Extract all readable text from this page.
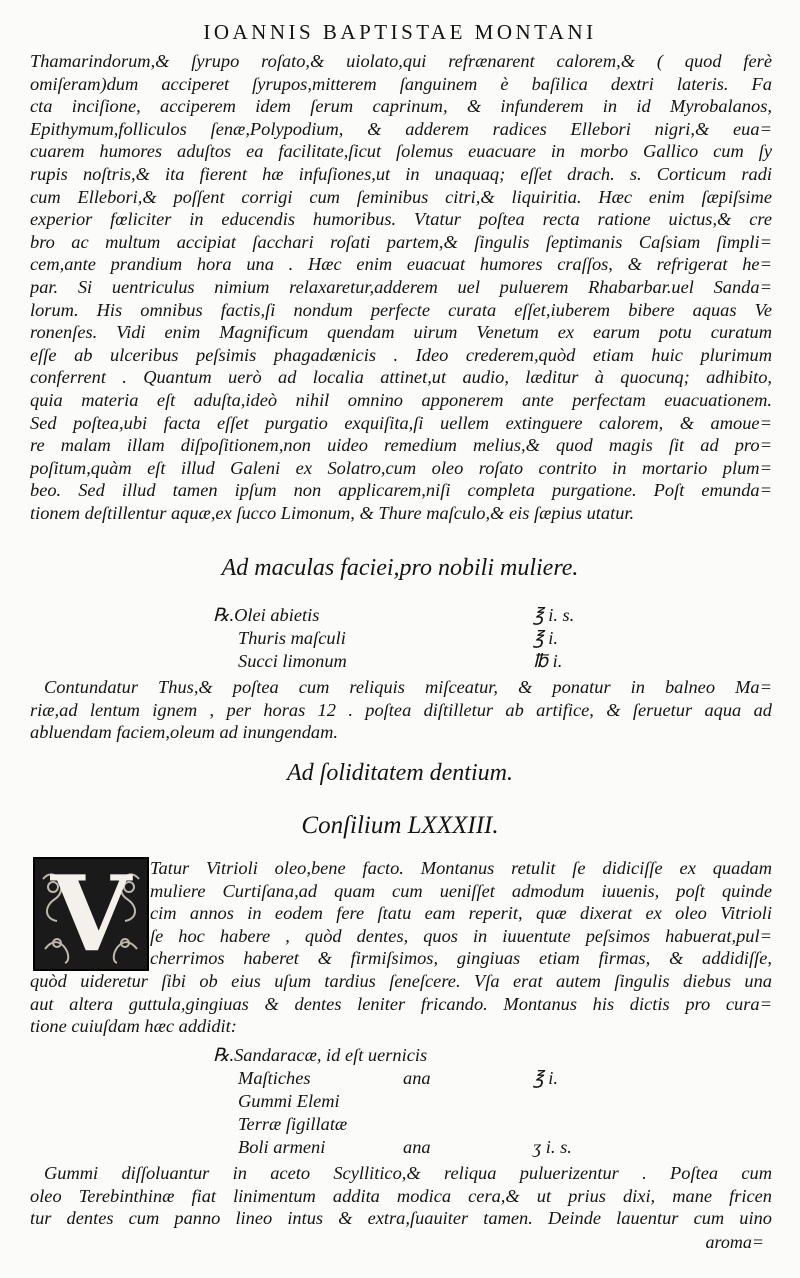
IOANNIS BAPTISTAE MONTANI
Thamarindorum,& ſyrupo roſato,& uiolato,qui refrænarent calorem,& ( quod ferè
omiſeram)dum acciperet ſyrupos,mitterem ſanguinem è baſilica dextri lateris. Fa
cta inciſione, acciperem idem ſerum caprinum, & infunderem in id Myrobalanos,
Epithymum,folliculos ſenæ,Polypodium, & adderem radices Ellebori nigri,& eua=
cuarem humores aduſtos ea facilitate,ſicut ſolemus euacuare in morbo Gallico cum ſy
rupis noſtris,& ita fierent hæ infuſiones,ut in unaquaq; eſſet drach. s. Corticum radi
cum Ellebori,& poſſent corrigi cum ſeminibus citri,& liquiritia. Hæc enim ſæpiſsime
experior fœliciter in educendis humoribus. Vtatur poſtea recta ratione uictus,& cre
bro ac multum accipiat ſacchari roſati partem,& ſingulis ſeptimanis Caſsiam ſimpli=
cem,ante prandium hora una . Hæc enim euacuat humores craſſos, & refrigerat he=
par. Si uentriculus nimium relaxaretur,adderem uel puluerem Rhabarbar.uel Sanda=
lorum. His omnibus factis,ſi nondum perfecte curata eſſet,iuberem bibere aquas Ve
ronenſes. Vidi enim Magnificum quendam uirum Venetum ex earum potu curatum
eſſe ab ulceribus peſsimis phagadænicis . Ideo crederem,quòd etiam huic plurimum
conferrent . Quantum uerò ad localia attinet,ut audio, læditur à quocunq; adhibito,
quia materia eſt aduſta,ideò nihil omnino apponerem ante perfectam euacuationem.
Sed poſtea,ubi facta eſſet purgatio exquiſita,ſi uellem extinguere calorem, & amoue=
re malam illam diſpoſitionem,non uideo remedium melius,& quod magis ſit ad pro=
poſitum,quàm eſt illud Galeni ex Solatro,cum oleo roſato contrito in mortario plum=
beo. Sed illud tamen ipſum non applicarem,niſi completa purgatione. Poſt emunda=
tionem deſtillentur aquæ,ex ſucco Limonum, & Thure maſculo,& eis ſæpius utatur.
Ad maculas faciei,pro nobili muliere.
℞.Olei abietis	℥ i. s.
Thuris maſculi	℥ i.
Succi limonum	℔ i.
Contundatur Thus,& poſtea cum reliquis miſceatur, & ponatur in balneo Ma=
riæ,ad lentum ignem , per horas 12 . poſtea diſtilletur ab artifice, & ſeruetur aqua ad
abluendam faciem,oleum ad inungendam.
Ad ſoliditatem dentium.
Conſilium LXXXIII.
V	Tatur Vitrioli oleo,bene facto. Montanus retulit ſe didiciſſe ex quadam
muliere Curtiſana,ad quam cum ueniſſet admodum iuuenis, poſt quinde
cim annos in eodem fere ſtatu eam reperit, quæ dixerat ex oleo Vitrioli
ſe hoc habere , quòd dentes, quos in iuuentute peſsimos habuerat,pul=
cherrimos haberet & firmiſsimos, gingiuas etiam firmas, & addidiſſe,
quòd uideretur ſibi ob eius uſum tardius ſeneſcere. Vſa erat autem ſingulis diebus una
aut altera guttula,gingiuas & dentes leniter fricando. Montanus his dictis pro cura=
tione cuiuſdam hæc addidit:
℞.Sandaracæ, id eſt uernicis
Maſtiches	ana	℥ i.
Gummi Elemi
Terræ ſigillatæ
Boli armeni	ana	ʒ i. s.
Gummi diſſoluantur in aceto Scyllitico,& reliqua puluerizentur . Poſtea cum
oleo Terebinthinæ fiat linimentum addita modica cera,& ut prius dixi, mane fricen
tur dentes cum panno lineo intus & extra,ſuauiter tamen. Deinde lauentur cum uino
aroma=
